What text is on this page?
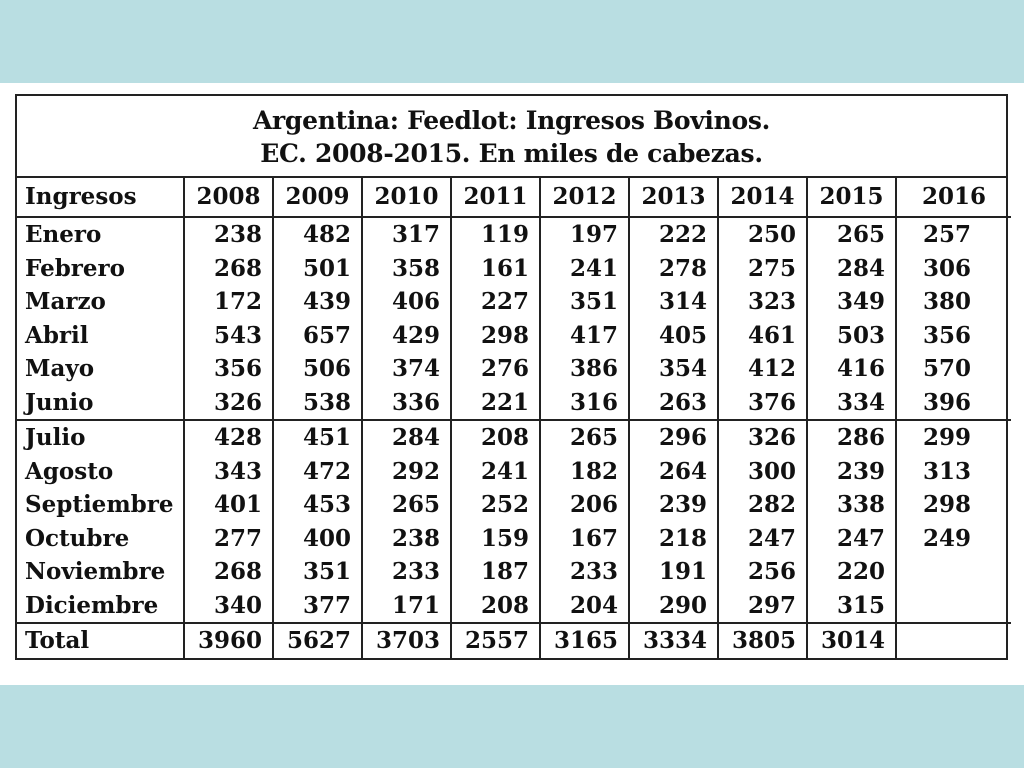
Argentina: Feedlot: Ingresos Bovinos.
EC. 2008-2015. En miles de cabezas.
Ingresos	2008	2009	2010	2011	2012	2013	2014	2015	2016
Enero	238	482	317	119	197	222	250	265	257
Febrero	268	501	358	161	241	278	275	284	306
Marzo	172	439	406	227	351	314	323	349	380
Abril	543	657	429	298	417	405	461	503	356
Mayo	356	506	374	276	386	354	412	416	570
Junio	326	538	336	221	316	263	376	334	396
Julio	428	451	284	208	265	296	326	286	299
Agosto	343	472	292	241	182	264	300	239	313
Septiembre	401	453	265	252	206	239	282	338	298
Octubre	277	400	238	159	167	218	247	247	249
Noviembre	268	351	233	187	233	191	256	220	
Diciembre	340	377	171	208	204	290	297	315	
Total	3960	5627	3703	2557	3165	3334	3805	3014	
